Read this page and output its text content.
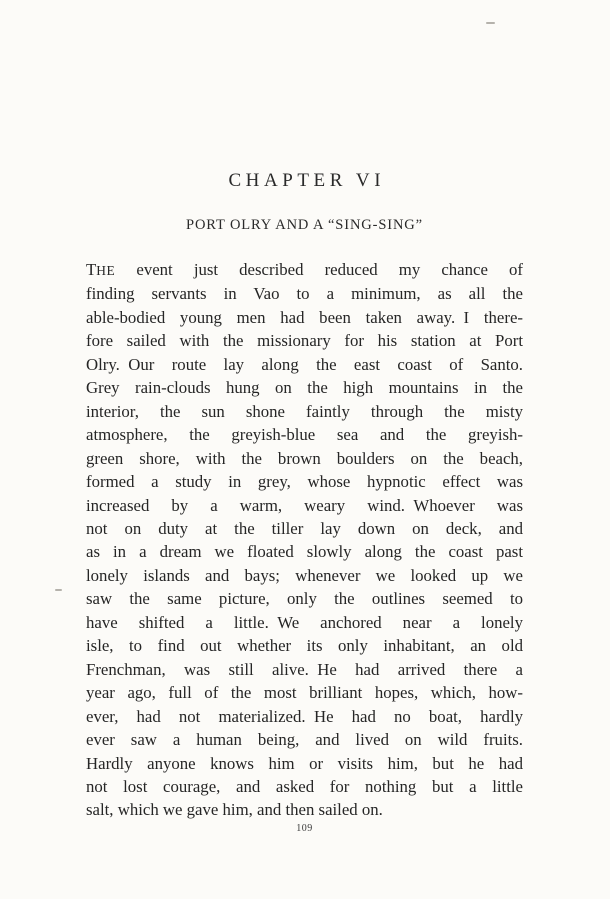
CHAPTER VI
PORT OLRY AND A “SING-SING”
THE event just described reduced my chance of
finding servants in Vao to a minimum, as all the
able-bodied young men had been taken away. I there-
fore sailed with the missionary for his station at Port
Olry. Our route lay along the east coast of Santo.
Grey rain-clouds hung on the high mountains in the
interior, the sun shone faintly through the misty
atmosphere, the greyish-blue sea and the greyish-
green shore, with the brown boulders on the beach,
formed a study in grey, whose hypnotic effect was
increased by a warm, weary wind. Whoever was
not on duty at the tiller lay down on deck, and
as in a dream we floated slowly along the coast past
lonely islands and bays; whenever we looked up we
saw the same picture, only the outlines seemed to
have shifted a little. We anchored near a lonely
isle, to find out whether its only inhabitant, an old
Frenchman, was still alive. He had arrived there a
year ago, full of the most brilliant hopes, which, how-
ever, had not materialized. He had no boat, hardly
ever saw a human being, and lived on wild fruits.
Hardly anyone knows him or visits him, but he had
not lost courage, and asked for nothing but a little
salt, which we gave him, and then sailed on.
109
